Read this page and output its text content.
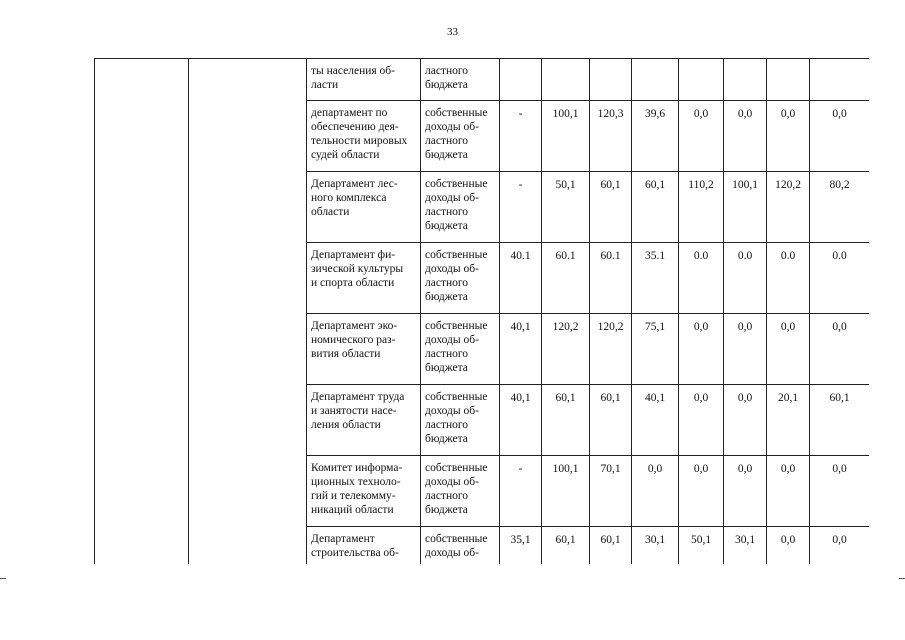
33
		ты населения об-
ласти	ластного
бюджета								
		департамент по
обеспечению дея-
тельности мировых
судей области	собственные
доходы об-
ластного
бюджета	-	100,1	120,3	39,6	0,0	0,0	0,0	0,0
		Департамент лес-
ного комплекса
области	собственные
доходы об-
ластного
бюджета	-	50,1	60,1	60,1	110,2	100,1	120,2	80,2
		Департамент фи-
зической культуры
и спорта области	собственные
доходы об-
ластного
бюджета	40.1	60.1	60.1	35.1	0.0	0.0	0.0	0.0
		Департамент эко-
номического раз-
вития области	собственные
доходы об-
ластного
бюджета	40,1	120,2	120,2	75,1	0,0	0,0	0,0	0,0
		Департамент труда
и занятости насе-
ления области	собственные
доходы об-
ластного
бюджета	40,1	60,1	60,1	40,1	0,0	0,0	20,1	60,1
		Комитет информа-
ционных техноло-
гий и телекомму-
никаций области	собственные
доходы об-
ластного
бюджета	-	100,1	70,1	0,0	0,0	0,0	0,0	0,0
		Департамент
строительства об-	собственные
доходы об-	35,1	60,1	60,1	30,1	50,1	30,1	0,0	0,0
